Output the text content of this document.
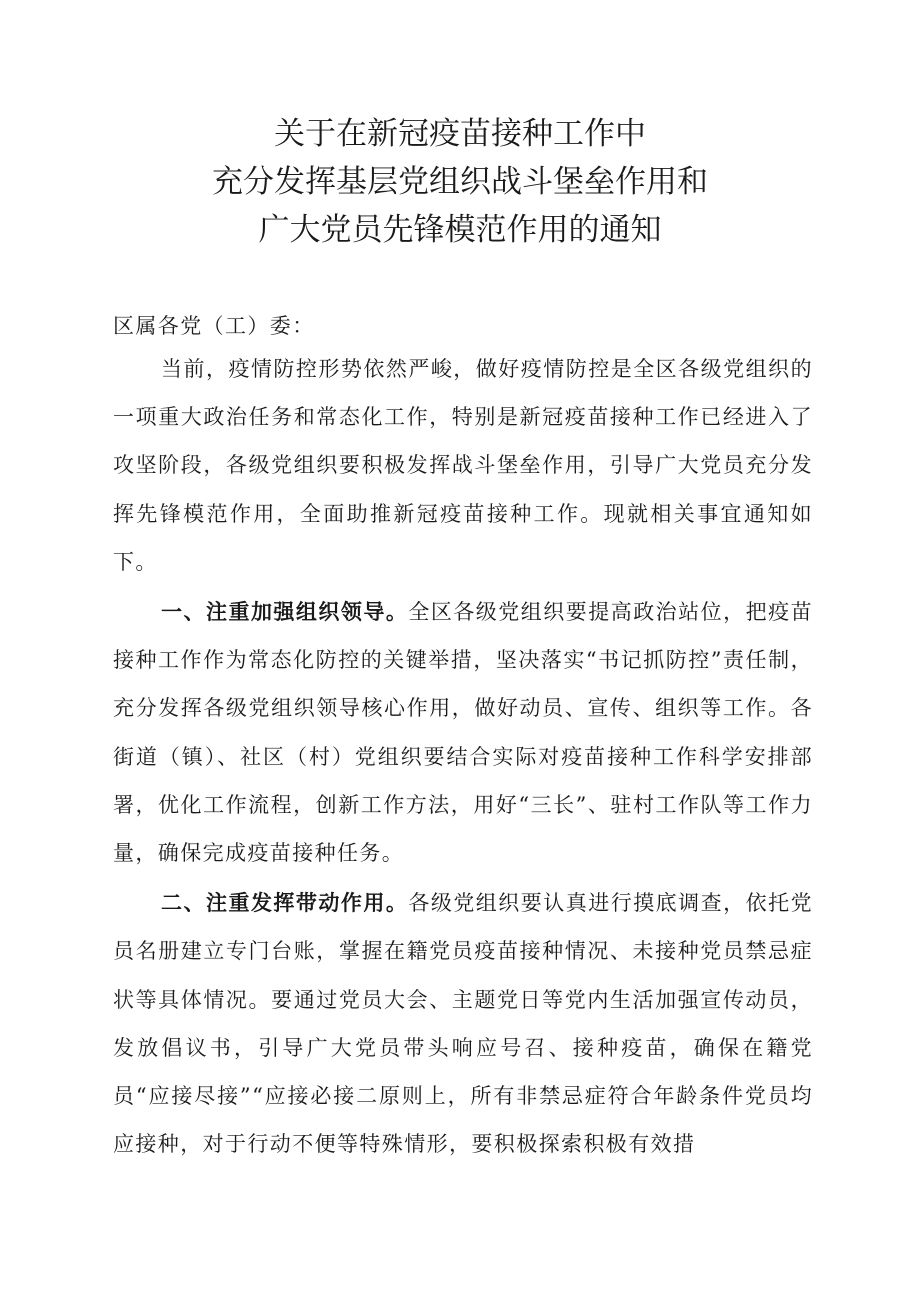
关于在新冠疫苗接种工作中
充分发挥基层党组织战斗堡垒作用和
广大党员先锋模范作用的通知
区属各党（工）委：

当前，疫情防控形势依然严峻，做好疫情防控是全区各级党组织的一项重大政治任务和常态化工作，特别是新冠疫苗接种工作已经进入了攻坚阶段，各级党组织要积极发挥战斗堡垒作用，引导广大党员充分发挥先锋模范作用，全面助推新冠疫苗接种工作。现就相关事宜通知如下。

一、注重加强组织领导。全区各级党组织要提高政治站位，把疫苗接种工作作为常态化防控的关键举措，坚决落实“书记抓防控”责任制，充分发挥各级党组织领导核心作用，做好动员、宣传、组织等工作。各街道（镇）、社区（村）党组织要结合实际对疫苗接种工作科学安排部署，优化工作流程，创新工作方法，用好“三长”、驻村工作队等工作力量，确保完成疫苗接种任务。

二、注重发挥带动作用。各级党组织要认真进行摸底调查，依托党员名册建立专门台账，掌握在籍党员疫苗接种情况、未接种党员禁忌症状等具体情况。要通过党员大会、主题党日等党内生活加强宣传动员，发放倡议书，引导广大党员带头响应号召、接种疫苗，确保在籍党员“应接尽接”“应接必接二原则上，所有非禁忌症符合年龄条件党员均应接种，对于行动不便等特殊情形，要积极探索积极有效措
